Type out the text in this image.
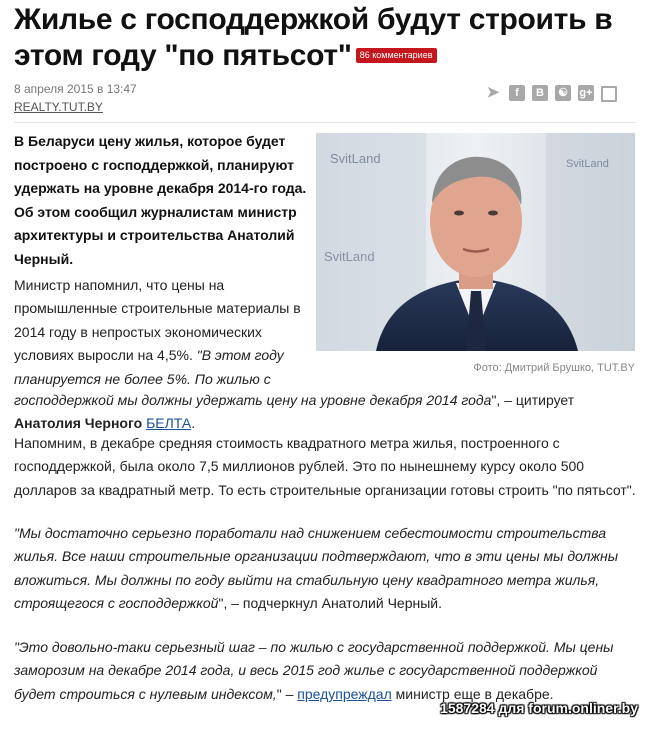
Жилье с господдержкой будут строить в этом году "по пятьсот" 86 комментариев
8 апреля 2015 в 13:47
REALTY.TUT.BY
➤	f	B	☯ g+

В Беларуси цену жилья, которое будет построено с господдержкой, планируют удержать на уровне декабря 2014-го года. Об этом сообщил журналистам министр архитектуры и строительства Анатолий Черный.

SvitLand	SvitLand
SvitLand
Фото: Дмитрий Брушко, TUT.BY

Министр напомнил, что цены на промышленные строительные материалы в 2014 году в непростых экономических условиях выросли на 4,5%. "В этом году планируется не более 5%. По жилью с

господдержкой мы должны удержать цену на уровне декабря 2014 года", – цитирует Анатолия Черного БЕЛТА.

Напомним, в декабре средняя стоимость квадратного метра жилья, построенного с господдержкой, была около 7,5 миллионов рублей. Это по нынешнему курсу около 500 долларов за квадратный метр. То есть строительные организации готовы строить "по пятьсот".

"Мы достаточно серьезно поработали над снижением себестоимости строительства жилья. Все наши строительные организации подтверждают, что в эти цены мы должны вложиться. Мы должны по году выйти на стабильную цену квадратного метра жилья, строящегося с господдержкой", – подчеркнул Анатолий Черный.

"Это довольно-таки серьезный шаг – по жилью с государственной поддержкой. Мы цены заморозим на декабре 2014 года, и весь 2015 год жилье с государственной поддержкой будет строиться с нулевым индексом," – предупреждал министр еще в декабре.

1587284 для forum.onliner.by
